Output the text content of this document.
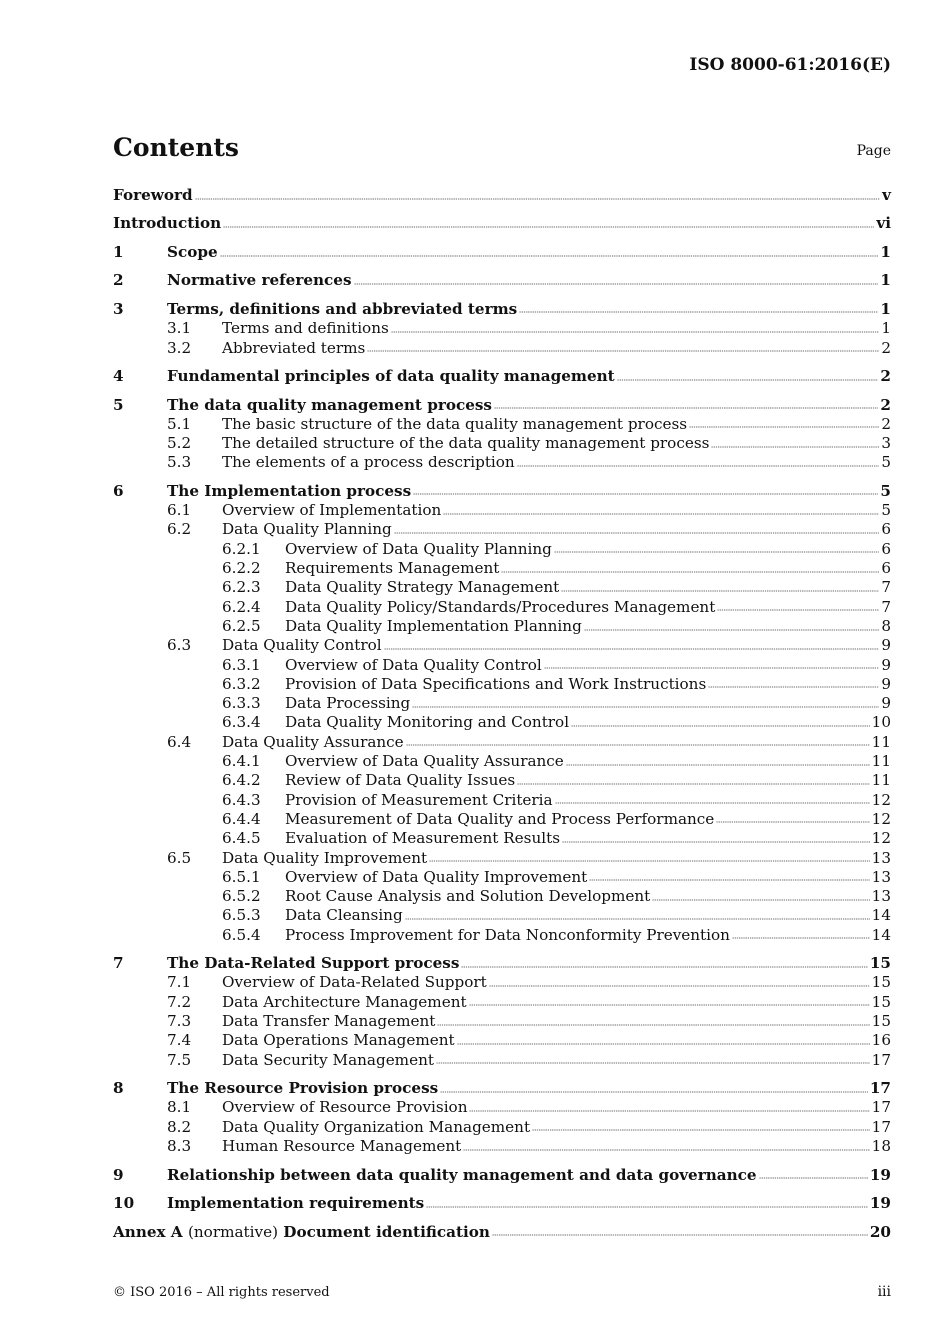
ISO 8000-61:2016(E)
Contents	Page
Foreword	v
Introduction	vi
1	Scope	1
2	Normative references	1
3	Terms, definitions and abbreviated terms	1
3.1	Terms and definitions	1
3.2	Abbreviated terms	2
4	Fundamental principles of data quality management	2
5	The data quality management process	2
5.1	The basic structure of the data quality management process	2
5.2	The detailed structure of the data quality management process	3
5.3	The elements of a process description	5
6	The Implementation process	5
6.1	Overview of Implementation	5
6.2	Data Quality Planning	6
6.2.1	Overview of Data Quality Planning	6
6.2.2	Requirements Management	6
6.2.3	Data Quality Strategy Management	7
6.2.4	Data Quality Policy/Standards/Procedures Management	7
6.2.5	Data Quality Implementation Planning	8
6.3	Data Quality Control	9
6.3.1	Overview of Data Quality Control	9
6.3.2	Provision of Data Specifications and Work Instructions	9
6.3.3	Data Processing	9
6.3.4	Data Quality Monitoring and Control	10
6.4	Data Quality Assurance	11
6.4.1	Overview of Data Quality Assurance	11
6.4.2	Review of Data Quality Issues	11
6.4.3	Provision of Measurement Criteria	12
6.4.4	Measurement of Data Quality and Process Performance	12
6.4.5	Evaluation of Measurement Results	12
6.5	Data Quality Improvement	13
6.5.1	Overview of Data Quality Improvement	13
6.5.2	Root Cause Analysis and Solution Development	13
6.5.3	Data Cleansing	14
6.5.4	Process Improvement for Data Nonconformity Prevention	14
7	The Data-Related Support process	15
7.1	Overview of Data-Related Support	15
7.2	Data Architecture Management	15
7.3	Data Transfer Management	15
7.4	Data Operations Management	16
7.5	Data Security Management	17
8	The Resource Provision process	17
8.1	Overview of Resource Provision	17
8.2	Data Quality Organization Management	17
8.3	Human Resource Management	18
9	Relationship between data quality management and data governance	19
10	Implementation requirements	19
Annex A (normative) Document identification	20
© ISO 2016 – All rights reserved	iii
